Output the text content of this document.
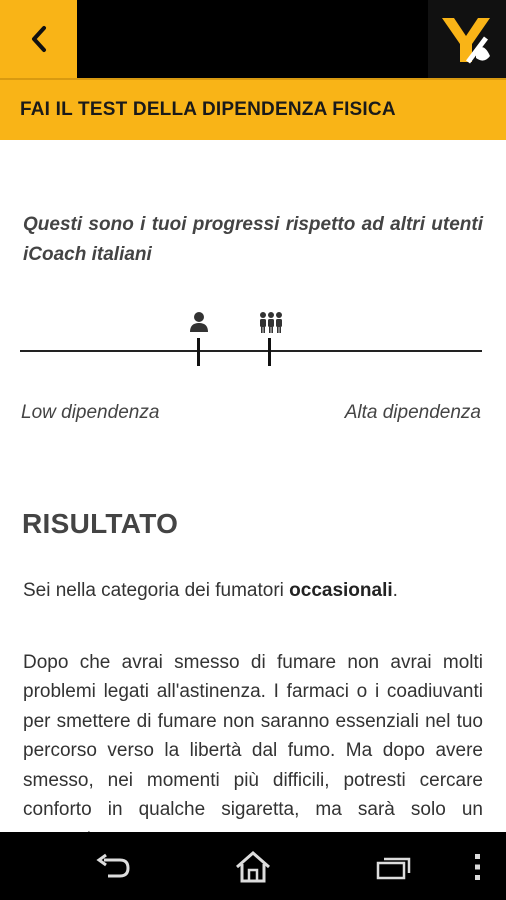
FAI IL TEST DELLA DIPENDENZA FISICA
Questi sono i tuoi progressi rispetto ad altri utenti iCoach italiani
Low dipendenza	Alta dipendenza
RISULTATO
Sei nella categoria dei fumatori occasionali.
Dopo che avrai smesso di fumare non avrai molti problemi legati all'astinenza. I farmaci o i coadiuvanti per smettere di fumare non saranno essenziali nel tuo percorso verso la libertà dal fumo. Ma dopo avere smesso, nei momenti più difficili, potresti cercare conforto in qualche sigaretta, ma sarà solo un
